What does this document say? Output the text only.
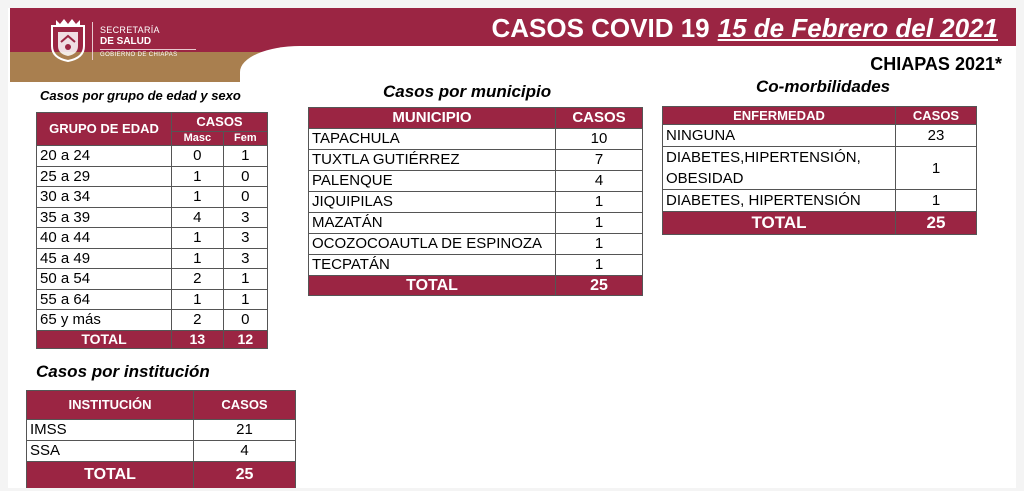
SECRETARÍA
DE SALUD
GOBIERNO DE CHIAPAS
CASOS COVID 19 15 de Febrero del 2021
CHIAPAS 2021*
Casos por grupo de edad y sexo
GRUPO DE EDAD	CASOS	
	Masc	Fem
20 a 24	0	1
25 a 29	1	0
30 a 34	1	0
35 a 39	4	3
40 a 44	1	3
45 a 49	1	3
50 a 54	2	1
55 a 64	1	1
65 y más	2	0
TOTAL	13	12
Casos por institución
INSTITUCIÓN	CASOS
IMSS	21
SSA	4
TOTAL	25
Casos por municipio
MUNICIPIO	CASOS
TAPACHULA	10
TUXTLA GUTIÉRREZ	7
PALENQUE	4
JIQUIPILAS	1
MAZATÁN	1
OCOZOCOAUTLA DE ESPINOZA	1
TECPATÁN	1
TOTAL	25
Co-morbilidades
ENFERMEDAD	CASOS
NINGUNA	23
DIABETES,HIPERTENSIÓN, OBESIDAD	1
DIABETES, HIPERTENSIÓN	1
TOTAL	25
